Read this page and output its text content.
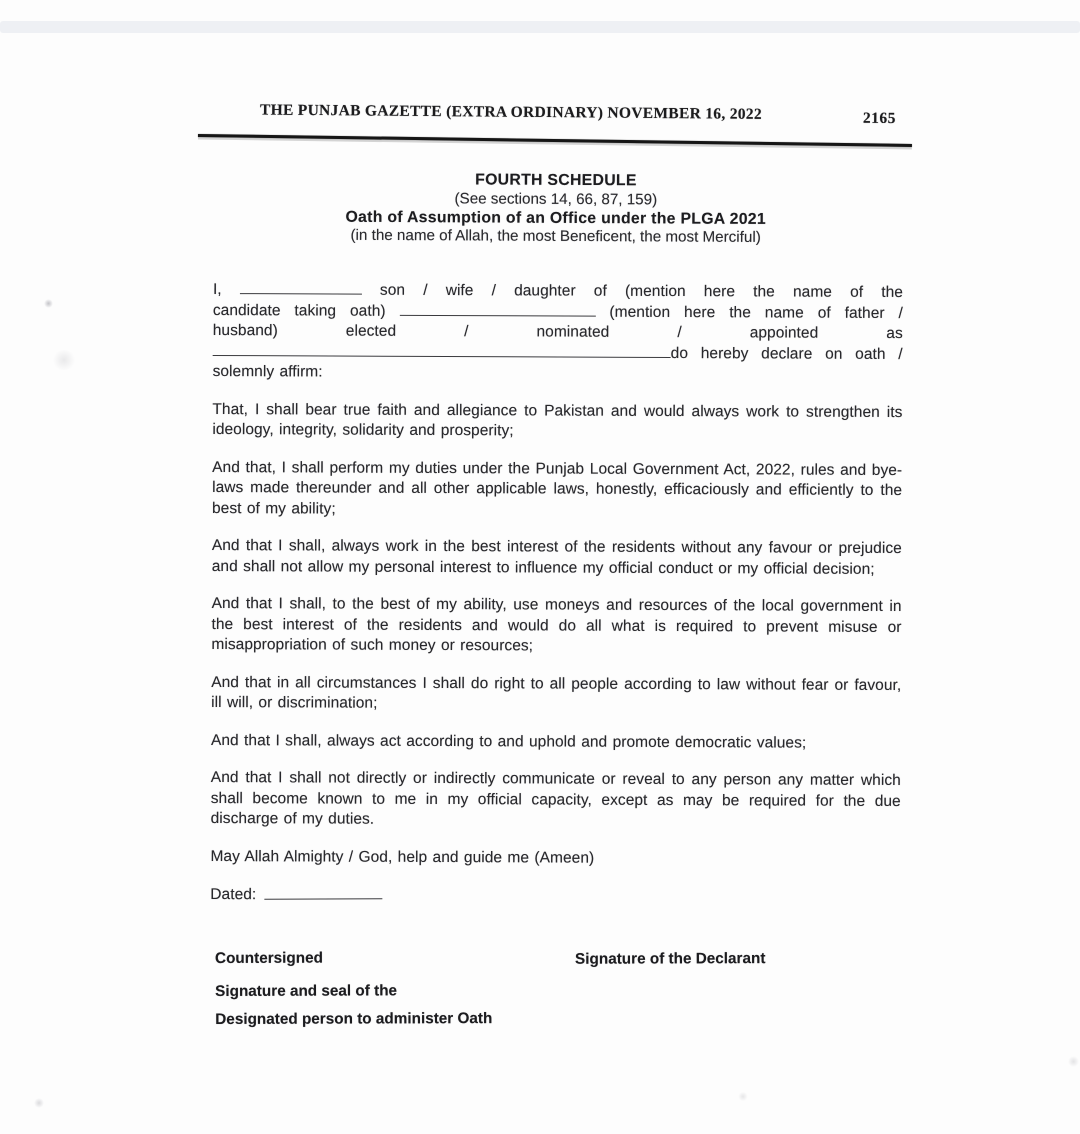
THE PUNJAB GAZETTE (EXTRA ORDINARY) NOVEMBER 16, 2022	2165
FOURTH SCHEDULE
(See sections 14, 66, 87, 159)
Oath of Assumption of an Office under the PLGA 2021
(in the name of Allah, the most Beneficent, the most Merciful)

I,	son / wife / daughter of (mention here the name of the
candidate taking oath)	(mention here the name of father /
husband) elected / nominated / appointed as
do hereby declare on oath /
solemnly affirm:

That, I shall bear true faith and allegiance to Pakistan and would always work to strengthen its ideology, integrity, solidarity and prosperity;

And that, I shall perform my duties under the Punjab Local Government Act, 2022, rules and bye-laws made thereunder and all other applicable laws, honestly, efficaciously and efficiently to the best of my ability;

And that I shall, always work in the best interest of the residents without any favour or prejudice and shall not allow my personal interest to influence my official conduct or my official decision;

And that I shall, to the best of my ability, use moneys and resources of the local government in the best interest of the residents and would do all what is required to prevent misuse or misappropriation of such money or resources;

And that in all circumstances I shall do right to all people according to law without fear or favour, ill will, or discrimination;

And that I shall, always act according to and uphold and promote democratic values;

And that I shall not directly or indirectly communicate or reveal to any person any matter which shall become known to me in my official capacity, except as may be required for the due discharge of my duties.

May Allah Almighty / God, help and guide me (Ameen)

Dated:

Countersigned	Signature of the Declarant
Signature and seal of the
Designated person to administer Oath
